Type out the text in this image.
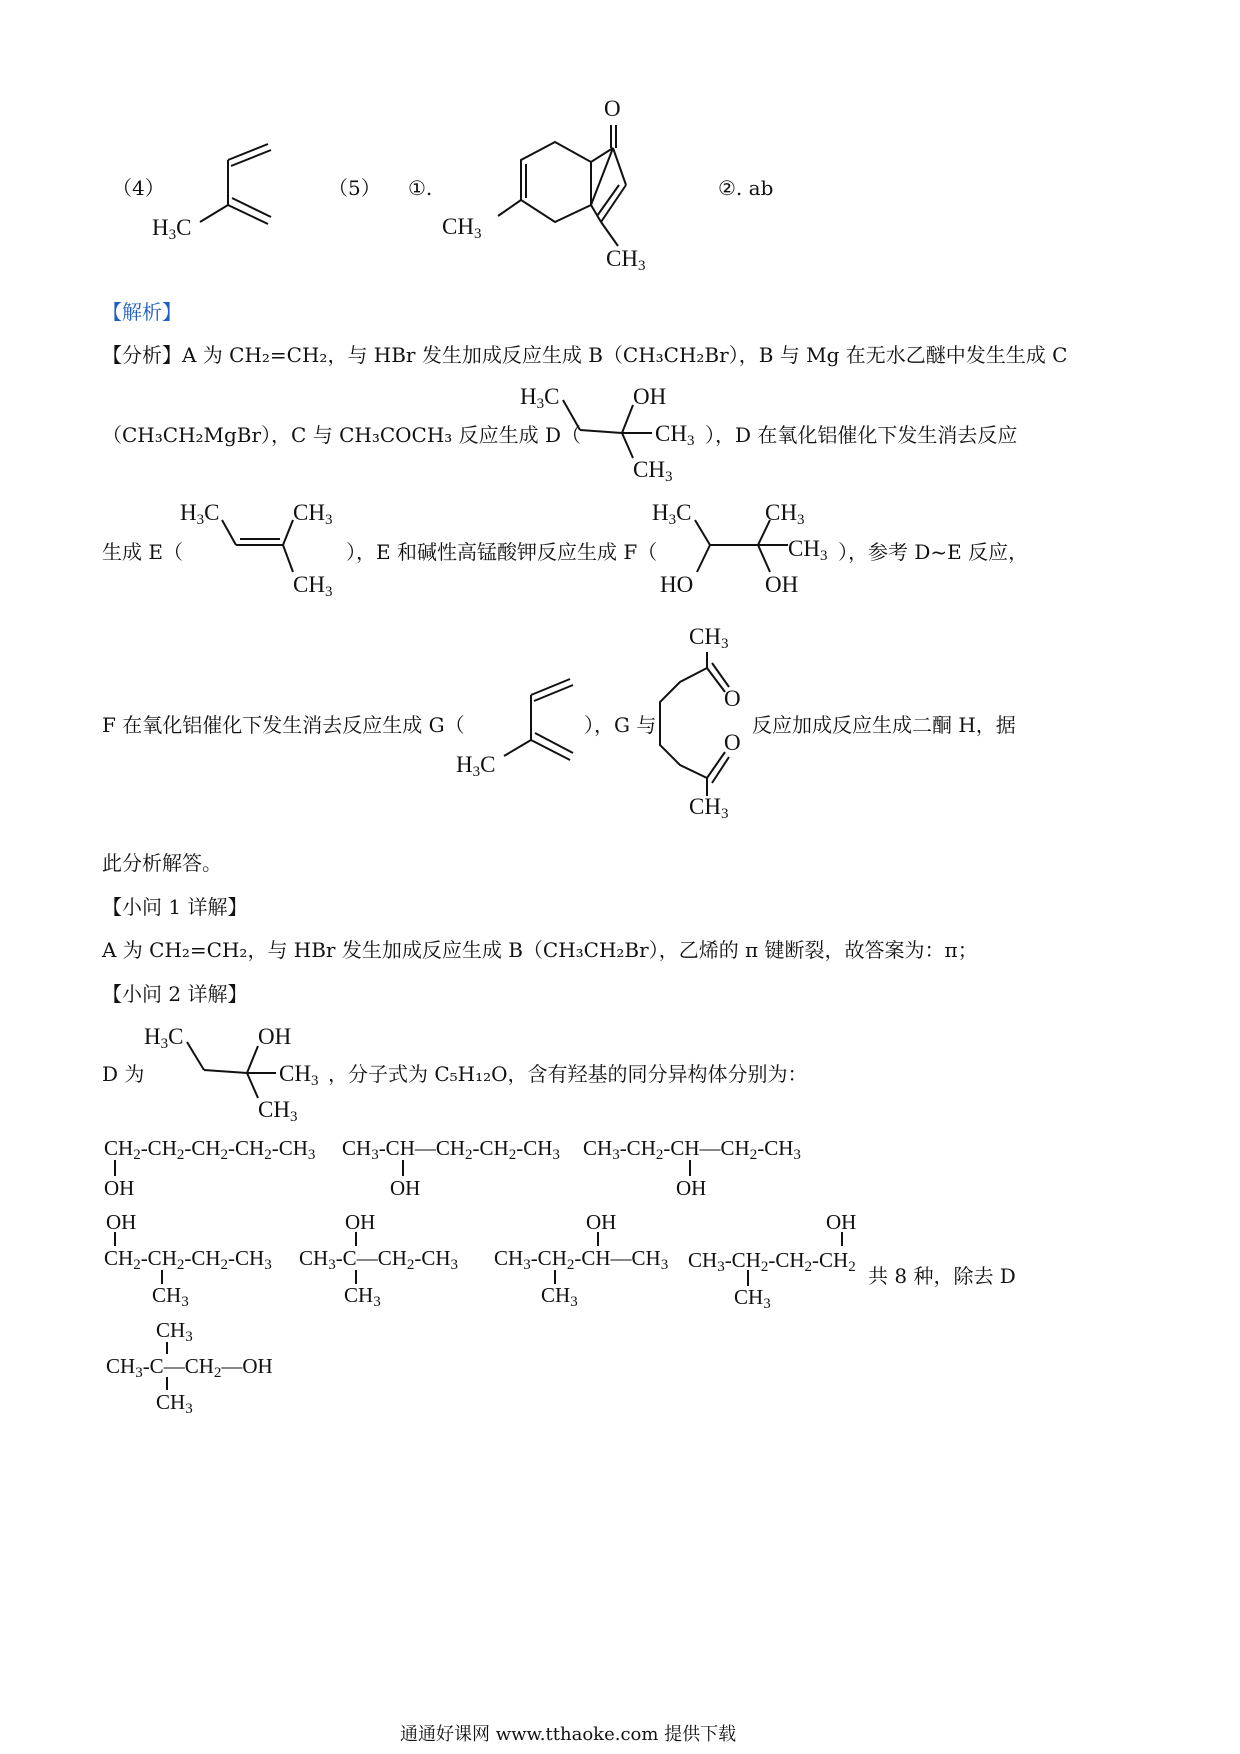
（4）
$H_3C$
（5） ①.
O
$CH_3$
$CH_3$
②. ab
【解析】
【分析】A 为 CH₂=CH₂，与 HBr 发生加成反应生成 B（CH₃CH₂Br），B 与 Mg 在无水乙醚中发生生成 C
（CH₃CH₂MgBr），C 与 CH₃COCH₃ 反应生成 D（
$H_3C$	OH
$CH_3$
$CH_3$
），D 在氧化铝催化下发生消去反应
生成 E（
$H_3C$	$CH_3$
$CH_3$
），E 和碱性高锰酸钾反应生成 F（
$H_3C$	$CH_3$
$CH_3$
HO	OH
），参考 D~E 反应，
F 在氧化铝催化下发生消去反应生成 G（
$H_3C$
），G 与
$CH_3$
O
O
$CH_3$
反应加成反应生成二酮 H，据
此分析解答。
【小问 1 详解】
A 为 CH₂=CH₂，与 HBr 发生加成反应生成 B（CH₃CH₂Br），乙烯的 π 键断裂，故答案为：π；
【小问 2 详解】
D 为
$H_3C$	OH
$CH_3$
$CH_3$
，分子式为 C₅H₁₂O，含有羟基的同分异构体分别为：
$CH_2-CH_2-CH_2-CH_2-CH_3$
OH
$CH_3-CH—CH_2-CH_2-CH_3$
OH
$CH_3-CH_2-CH—CH_2-CH_3$
OH
OH
$CH_2-CH_2-CH_2-CH_3$
$CH_3$
OH
$CH_3-C—CH_2-CH_3$
$CH_3$
OH
$CH_3-CH_2-CH—CH_3$
$CH_3$
OH
$CH_3-CH_2-CH_2-CH_2$
$CH_3$
共 8 种，除去 D
$CH_3$
$CH_3-C—CH_2—OH$
$CH_3$
通通好课网 www.tthaoke.com 提供下载
